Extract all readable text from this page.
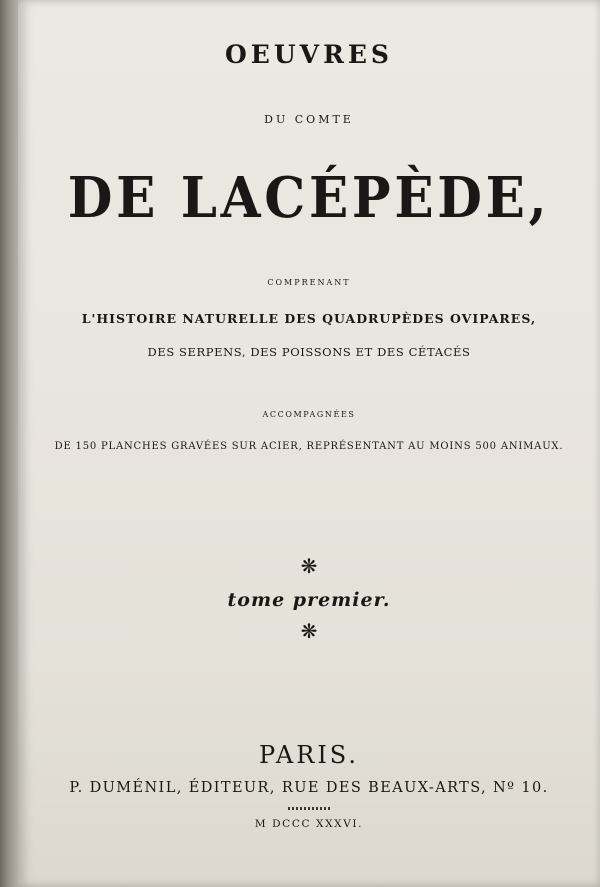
OEUVRES
DU COMTE
DE LACÉPÈDE,
COMPRENANT
L'HISTOIRE NATURELLE DES QUADRUPÈDES OVIPARES,
DES SERPENS, DES POISSONS ET DES CÉTACÉS
ACCOMPAGNÉES
DE 150 PLANCHES GRAVÉES SUR ACIER, REPRÉSENTANT AU MOINS 500 ANIMAUX.
❋
tome premier.
❋
PARIS.
P. DUMÉNIL, ÉDITEUR, RUE DES BEAUX-ARTS, Nº 10.
M DCCC XXXVI.
